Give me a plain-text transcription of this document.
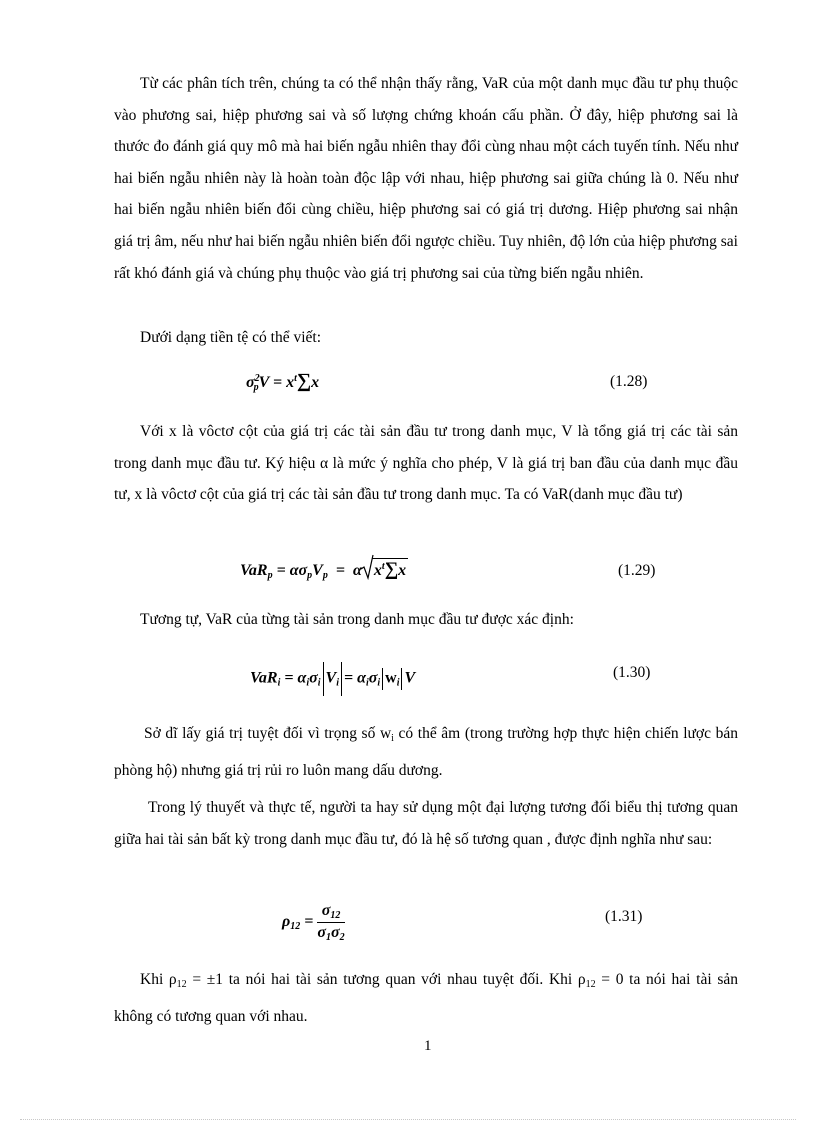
Từ các phân tích trên, chúng ta có thể nhận thấy rằng, VaR của một danh mục đầu tư phụ thuộc vào phương sai, hiệp phương sai và số lượng chứng khoán cấu phần. Ở đây, hiệp phương sai là thước đo đánh giá quy mô mà hai biến ngẫu nhiên thay đổi cùng nhau một cách tuyến tính. Nếu như hai biến ngẫu nhiên này là hoàn toàn độc lập với nhau, hiệp phương sai giữa chúng là 0. Nếu như hai biến ngẫu nhiên biến đổi cùng chiều, hiệp phương sai có giá trị dương. Hiệp phương sai nhận giá trị âm, nếu như hai biến ngẫu nhiên biến đổi ngược chiều. Tuy nhiên, độ lớn của hiệp phương sai rất khó đánh giá và chúng phụ thuộc vào giá trị phương sai của từng biến ngẫu nhiên.

Dưới dạng tiền tệ có thể viết:

$\sigma^2_pV = x^t\sum x$	(1.28)

Với x là vôctơ cột của giá trị các tài sản đầu tư trong danh mục, V là tổng giá trị các tài sản trong danh mục đầu tư. Ký hiệu α là mức ý nghĩa cho phép, V là giá trị ban đầu của danh mục đầu tư, x là vôctơ cột của giá trị các tài sản đầu tư trong danh mục. Ta có VaR(danh mục đầu tư)

$VaR_p = \alpha\sigma_pV_p = \alpha$ $x^t\sum x$	(1.29)

Tương tự, VaR của từng tài sản trong danh mục đầu tư được xác định:

$VaR_i = \alpha_i\sigma_i$ $V_i = \alpha_i\sigma_i$ $w_i$ V	(1.30)

Sở dĩ lấy giá trị tuyệt đối vì trọng số $w_i$ có thể âm (trong trường hợp thực hiện chiến lược bán phòng hộ) nhưng giá trị rủi ro luôn mang dấu dương.

Trong lý thuyết và thực tế, người ta hay sử dụng một đại lượng tương đối biểu thị tương quan giữa hai tài sản bất kỳ trong danh mục đầu tư, đó là hệ số tương quan , được định nghĩa như sau:

$\rho_{12} = \frac{\sigma_{12}}{\sigma_1\sigma_2}$	(1.31)

Khi $\rho_{12} = \pm 1$ ta nói hai tài sản tương quan với nhau tuyệt đối. Khi $\rho_{12} = 0$ ta nói hai tài sản không có tương quan với nhau.

1
